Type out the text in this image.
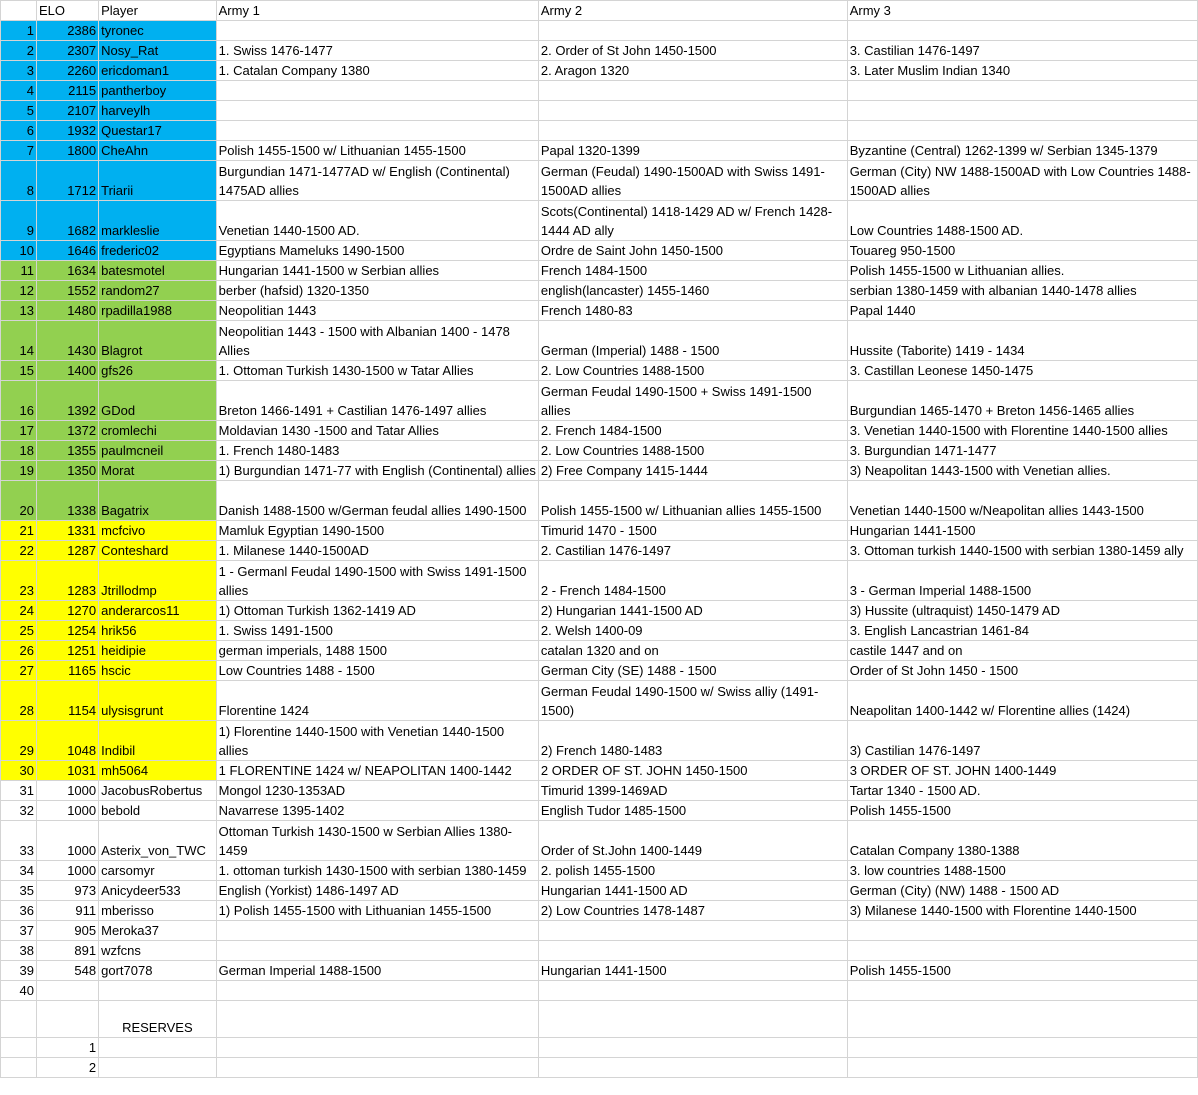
	ELO	Player	Army 1	Army 2	Army 3
1	2386	tyronec			
2	2307	Nosy_Rat	1. Swiss 1476-1477	2. Order of St John 1450-1500	3. Castilian 1476-1497
3	2260	ericdoman1	1. Catalan Company 1380	2. Aragon 1320	3. Later Muslim Indian 1340
4	2115	pantherboy			
5	2107	harveylh			
6	1932	Questar17			
7	1800	CheAhn	Polish 1455-1500 w/ Lithuanian 1455-1500	Papal 1320-1399	Byzantine (Central) 1262-1399 w/ Serbian 1345-1379
8	1712	Triarii	Burgundian 1471-1477AD w/ English (Continental) 1475AD allies	German (Feudal) 1490-1500AD with Swiss 1491-1500AD allies	German (City) NW 1488-1500AD with Low Countries 1488-1500AD allies
9	1682	markleslie	Venetian 1440-1500 AD.	Scots(Continental) 1418-1429 AD w/ French 1428-1444 AD ally	Low Countries 1488-1500 AD.
10	1646	frederic02	Egyptians Mameluks 1490-1500	Ordre de Saint John 1450-1500	Touareg 950-1500
11	1634	batesmotel	Hungarian 1441-1500 w Serbian allies	French 1484-1500	Polish 1455-1500 w Lithuanian allies.
12	1552	random27	berber (hafsid) 1320-1350	english(lancaster) 1455-1460	serbian 1380-1459 with albanian 1440-1478 allies
13	1480	rpadilla1988	Neopolitian 1443	French 1480-83	Papal 1440
14	1430	Blagrot	Neopolitian 1443 - 1500 with Albanian 1400 - 1478 Allies	German (Imperial) 1488 - 1500	Hussite (Taborite) 1419 - 1434
15	1400	gfs26	1. Ottoman Turkish 1430-1500 w Tatar Allies	2. Low Countries 1488-1500	3. Castillan Leonese 1450-1475
16	1392	GDod	Breton 1466-1491 + Castilian 1476-1497 allies	German Feudal 1490-1500 + Swiss 1491-1500 allies	Burgundian 1465-1470 + Breton 1456-1465 allies
17	1372	cromlechi	Moldavian 1430 -1500 and Tatar Allies	2. French 1484-1500	3. Venetian 1440-1500 with Florentine 1440-1500 allies
18	1355	paulmcneil	1. French 1480-1483	2. Low Countries 1488-1500	3. Burgundian 1471-1477
19	1350	Morat	1) Burgundian 1471-77 with English (Continental) allies	2) Free Company 1415-1444	3) Neapolitan 1443-1500 with Venetian allies.
20	1338	Bagatrix	Danish 1488-1500 w/German feudal allies 1490-1500	Polish 1455-1500 w/ Lithuanian allies 1455-1500	Venetian 1440-1500 w/Neapolitan allies 1443-1500
21	1331	mcfcivo	Mamluk Egyptian 1490-1500	Timurid 1470 - 1500	Hungarian 1441-1500
22	1287	Conteshard	1. Milanese 1440-1500AD	2. Castilian 1476-1497	3. Ottoman turkish 1440-1500 with serbian 1380-1459 ally
23	1283	Jtrillodmp	1 - Germanl Feudal 1490-1500 with Swiss 1491-1500 allies	2 - French 1484-1500	3 - German Imperial 1488-1500
24	1270	anderarcos11	1) Ottoman Turkish 1362-1419 AD	2) Hungarian 1441-1500 AD	3) Hussite (ultraquist) 1450-1479 AD
25	1254	hrik56	1. Swiss 1491-1500	2. Welsh 1400-09	3. English Lancastrian 1461-84
26	1251	heidipie	german imperials, 1488 1500	catalan 1320 and on	castile 1447 and on
27	1165	hscic	Low Countries 1488 - 1500	German City (SE) 1488 - 1500	Order of St John 1450 - 1500
28	1154	ulysisgrunt	Florentine 1424	German Feudal 1490-1500 w/ Swiss alliy (1491-1500)	Neapolitan 1400-1442 w/ Florentine allies (1424)
29	1048	Indibil	1) Florentine 1440-1500 with Venetian 1440-1500 allies	2) French 1480-1483	3) Castilian 1476-1497
30	1031	mh5064	1 FLORENTINE 1424 w/ NEAPOLITAN 1400-1442	2 ORDER OF ST. JOHN 1450-1500	3 ORDER OF ST. JOHN 1400-1449
31	1000	JacobusRobertus	Mongol 1230-1353AD	Timurid 1399-1469AD	Tartar 1340 - 1500 AD.
32	1000	bebold	Navarrese 1395-1402	English Tudor 1485-1500	Polish 1455-1500
33	1000	Asterix_von_TWC	Ottoman Turkish 1430-1500 w Serbian Allies 1380-1459	Order of St.John 1400-1449	Catalan Company 1380-1388
34	1000	carsomyr	1. ottoman turkish 1430-1500 with serbian 1380-1459	2. polish 1455-1500	3. low countries 1488-1500
35	973	Anicydeer533	English (Yorkist) 1486-1497 AD	Hungarian 1441-1500 AD	German (City) (NW) 1488 - 1500 AD
36	911	mberisso	1) Polish 1455-1500 with Lithuanian 1455-1500	2) Low Countries 1478-1487	3) Milanese 1440-1500 with Florentine 1440-1500
37	905	Meroka37			
38	891	wzfcns			
39	548	gort7078	German Imperial 1488-1500	Hungarian 1441-1500	Polish 1455-1500
40					
		RESERVES			
	1				
	2				
